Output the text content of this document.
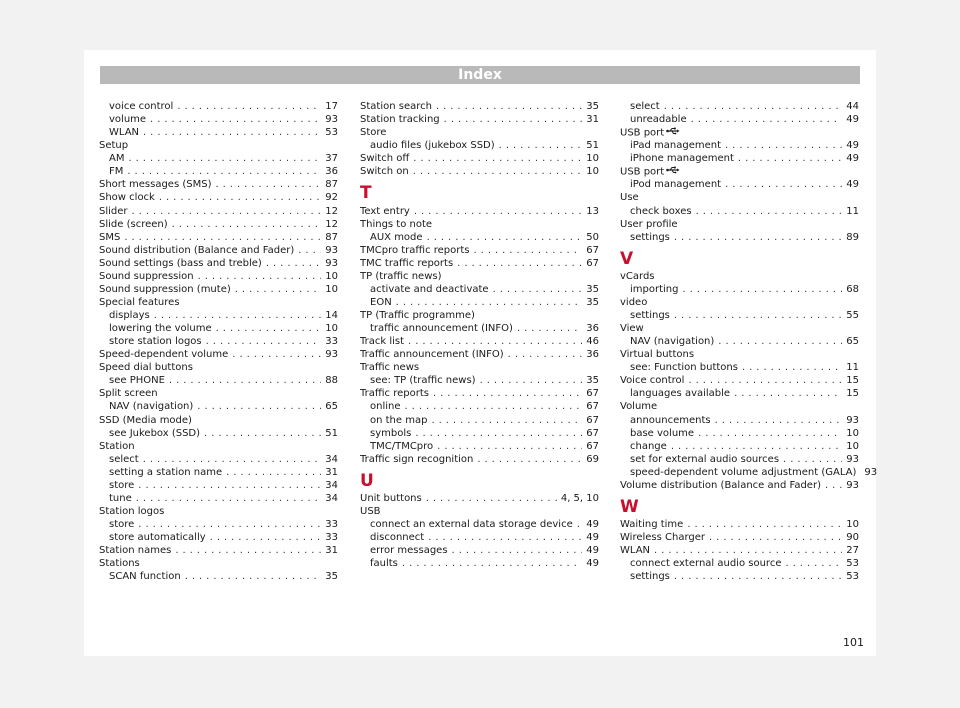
Index
voice control . . .	17
volume . . .	93
WLAN . . .	53
Setup
AM . . .	37
FM . . .	36
Short messages (SMS) . . .	87
Show clock . . .	92
Slider . . .	12
Slide (screen) . . .	12
SMS . . .	87
Sound distribution (Balance and Fader) . . .	93
Sound settings (bass and treble) . . .	93
Sound suppression . . .	10
Sound suppression (mute) . . .	10
Special features
displays . . .	14
lowering the volume . . .	10
store station logos . . .	33
Speed-dependent volume . . .	93
Speed dial buttons
see PHONE . . .	88
Split screen
NAV (navigation) . . .	65
SSD (Media mode)
see Jukebox (SSD) . . .	51
Station
select . . .	34
setting a station name . . .	31
store . . .	34
tune . . .	34
Station logos
store . . .	33
store automatically . . .	33
Station names . . .	31
Stations
SCAN function . . .	35
Station search . . .	35
Station tracking . . .	31
Store
audio files (jukebox SSD) . . .	51
Switch off . . .	10
Switch on . . .	10
T
Text entry . . .	13
Things to note
AUX mode . . .	50
TMCpro traffic reports . . .	67
TMC traffic reports . . .	67
TP (traffic news)
activate and deactivate . . .	35
EON . . .	35
TP (Traffic programme)
traffic announcement (INFO) . . .	36
Track list . . .	46
Traffic announcement (INFO) . . .	36
Traffic news
see: TP (traffic news) . . .	35
Traffic reports . . .	67
online . . .	67
on the map . . .	67
symbols . . .	67
TMC/TMCpro . . .	67
Traffic sign recognition . . .	69
U
Unit buttons . . .	4, 5, 10
USB
connect an external data storage device . . . 49
disconnect . . .	49
error messages . . .	49
faults . . .	49
select . . .	44
unreadable . . .	49
USB port
iPad management . . .	49
iPhone management . . .	49
USB port
iPod management . . .	49
Use
check boxes . . .	11
User profile
settings . . .	89
V
vCards
importing . . .	68
video
settings . . .	55
View
NAV (navigation) . . .	65
Virtual buttons
see: Function buttons . . .	11
Voice control . . .	15
languages available . . .	15
Volume
announcements . . .	93
base volume . . .	10
change . . .	10
set for external audio sources . . .	93
speed-dependent volume adjustment (GALA) 93
Volume distribution (Balance and Fader) . . .	93
W
Waiting time . . .	10
Wireless Charger . . .	90
WLAN . . .	27
connect external audio source . . .	53
settings . . .	53
101
